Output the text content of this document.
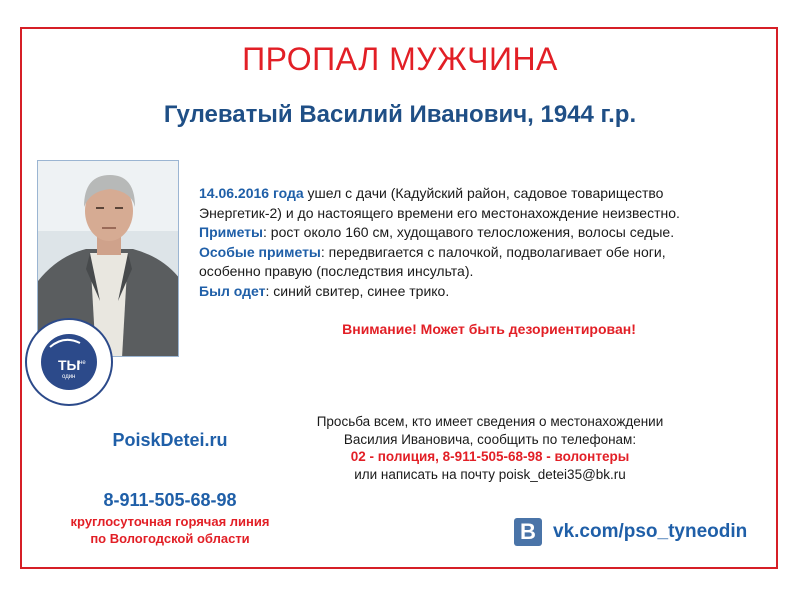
ПРОПАЛ МУЖЧИНА
Гулеватый Василий Иванович, 1944 г.р.
ТЫ
не
один
14.06.2016 года ушел с дачи (Кадуйский район, садовое товарищество
Энергетик-2) и до настоящего времени его местонахождение неизвестно.
Приметы: рост около 160 см, худощавого телосложения, волосы седые.
Особые приметы: передвигается с палочкой, подволагивает обе ноги,
особенно правую (последствия инсульта).
Был одет: синий свитер, синее трико.
Внимание! Может быть дезориентирован!
PoiskDetei.ru
8-911-505-68-98
круглосуточная горячая линия
по Вологодской области
Просьба всем, кто имеет сведения о местонахождении
Василия Ивановича, сообщить по телефонам:
02 - полиция, 8-911-505-68-98 - волонтеры
или написать на почту poisk_detei35@bk.ru
B vk.com/pso_tyneodin
